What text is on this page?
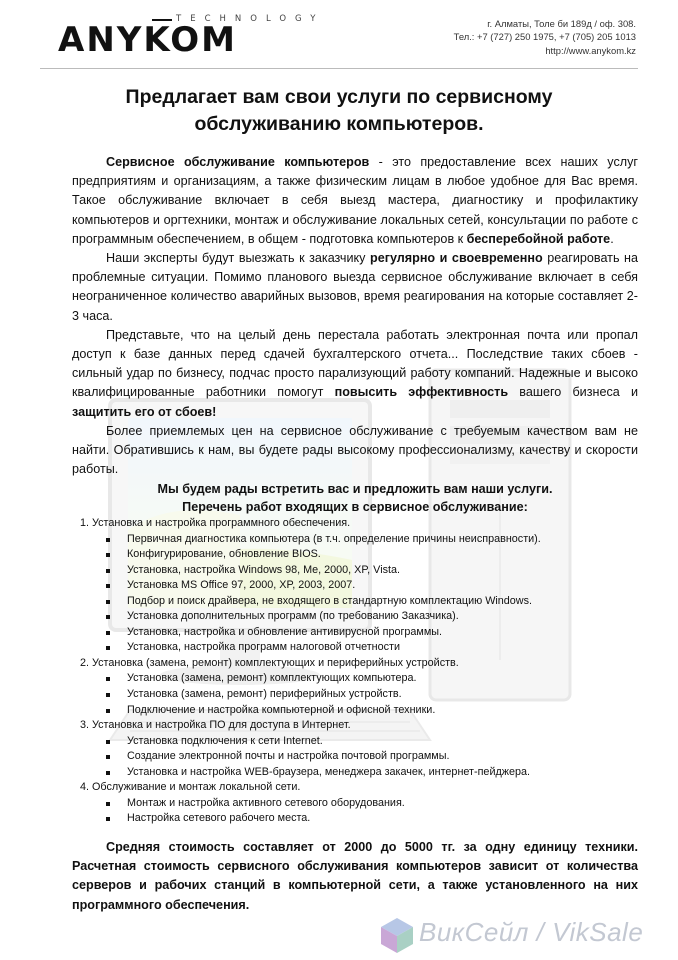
TECHNOLOGY
ANYKOM	г. Алматы, Толе би 189д / оф. 308.
Тел.: +7 (727) 250 1975, +7 (705) 205 1013
http://www.anykom.kz
Предлагает вам свои услуги по сервисному
обслуживанию компьютеров.

Сервисное обслуживание компьютеров - это предоставление всех наших услуг предприятиям и организациям, а также физическим лицам в любое удобное для Вас время. Такое обслуживание включает в себя выезд мастера, диагностику и профилактику компьютеров и оргтехники, монтаж и обслуживание локальных сетей, консультации по работе с программным обеспечением, в общем - подготовка компьютеров к бесперебойной работе.

Наши эксперты будут выезжать к заказчику регулярно и своевременно реагировать на проблемные ситуации. Помимо планового выезда сервисное обслуживание включает в себя неограниченное количество аварийных вызовов, время реагирования на которые составляет 2-3 часа.

Представьте, что на целый день перестала работать электронная почта или пропал доступ к базе данных перед сдачей бухгалтерского отчета... Последствие таких сбоев - сильный удар по бизнесу, подчас просто парализующий работу компаний. Надежные и высоко квалифицированные работники помогут повысить эффективность вашего бизнеса и защитить его от сбоев!

Более приемлемых цен на сервисное обслуживание с требуемым качеством вам не найти. Обратившись к нам, вы будете рады высокому профессионализму, качеству и скорости работы.

Мы будем рады встретить вас и предложить вам наши услуги.
Перечень работ входящих в сервисное обслуживание:
1. Установка и настройка программного обеспечения.
Первичная диагностика компьютера (в т.ч. определение причины неисправности).
Конфигурирование, обновление BIOS.
Установка, настройка Windows 98, Me, 2000, XP, Vista.
Установка MS Office 97, 2000, XP, 2003, 2007.
Подбор и поиск драйвера, не входящего в стандартную комплектацию Windows.
Установка дополнительных программ (по требованию Заказчика).
Установка, настройка и обновление антивирусной программы.
Установка, настройка программ налоговой отчетности
2. Установка (замена, ремонт) комплектующих и периферийных устройств.
Установка (замена, ремонт) комплектующих компьютера.
Установка (замена, ремонт) периферийных устройств.
Подключение и настройка компьютерной и офисной техники.
3. Установка и настройка ПО для доступа в Интернет.
Установка подключения к сети Internet.
Создание электронной почты и настройка почтовой программы.
Установка и настройка WEB-браузера, менеджера закачек, интернет-пейджера.
4. Обслуживание и монтаж локальной сети.
Монтаж и настройка активного сетевого оборудования.
Настройка сетевого рабочего места.
Средняя стоимость составляет от 2000 до 5000 тг. за одну единицу техники. Расчетная стоимость сервисного обслуживания компьютеров зависит от количества серверов и рабочих станций в компьютерной сети, а также установленного на них программного обеспечения.
ВикСейл / VikSale
